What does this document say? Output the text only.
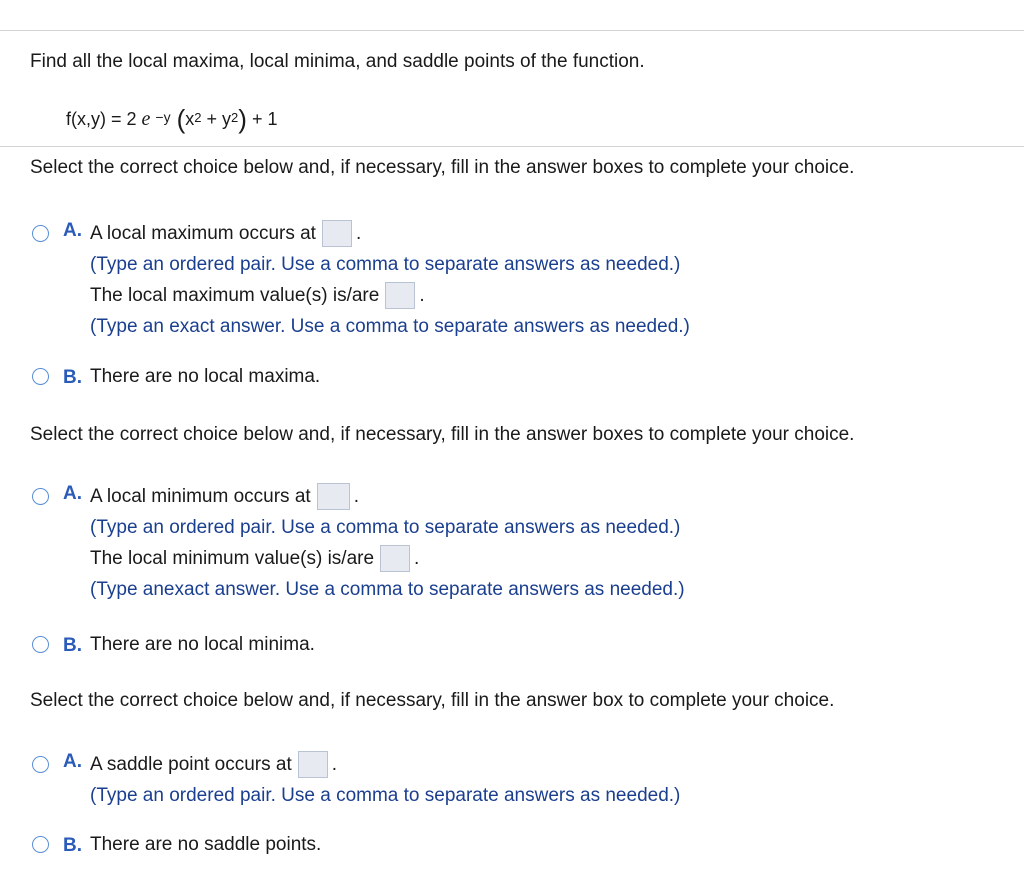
Find all the local maxima, local minima, and saddle points of the function.
f(x,y) = 2
e $^{-y}$ ( $x^2 + y^2$ ) + 1
Select the correct choice below and, if necessary, fill in the answer boxes to complete your choice.
A. A local maximum occurs at .
(Type an ordered pair. Use a comma to separate answers as needed.)
The local maximum value(s) is/are .
(Type an exact answer. Use a comma to separate answers as needed.)
B. There are no local maxima.
Select the correct choice below and, if necessary, fill in the answer boxes to complete your choice.
A. A local minimum occurs at .
(Type an ordered pair. Use a comma to separate answers as needed.)
The local minimum value(s) is/are .
(Type anexact answer. Use a comma to separate answers as needed.)
B. There are no local minima.
Select the correct choice below and, if necessary, fill in the answer box to complete your choice.
A. A saddle point occurs at .
(Type an ordered pair. Use a comma to separate answers as needed.)
B. There are no saddle points.
